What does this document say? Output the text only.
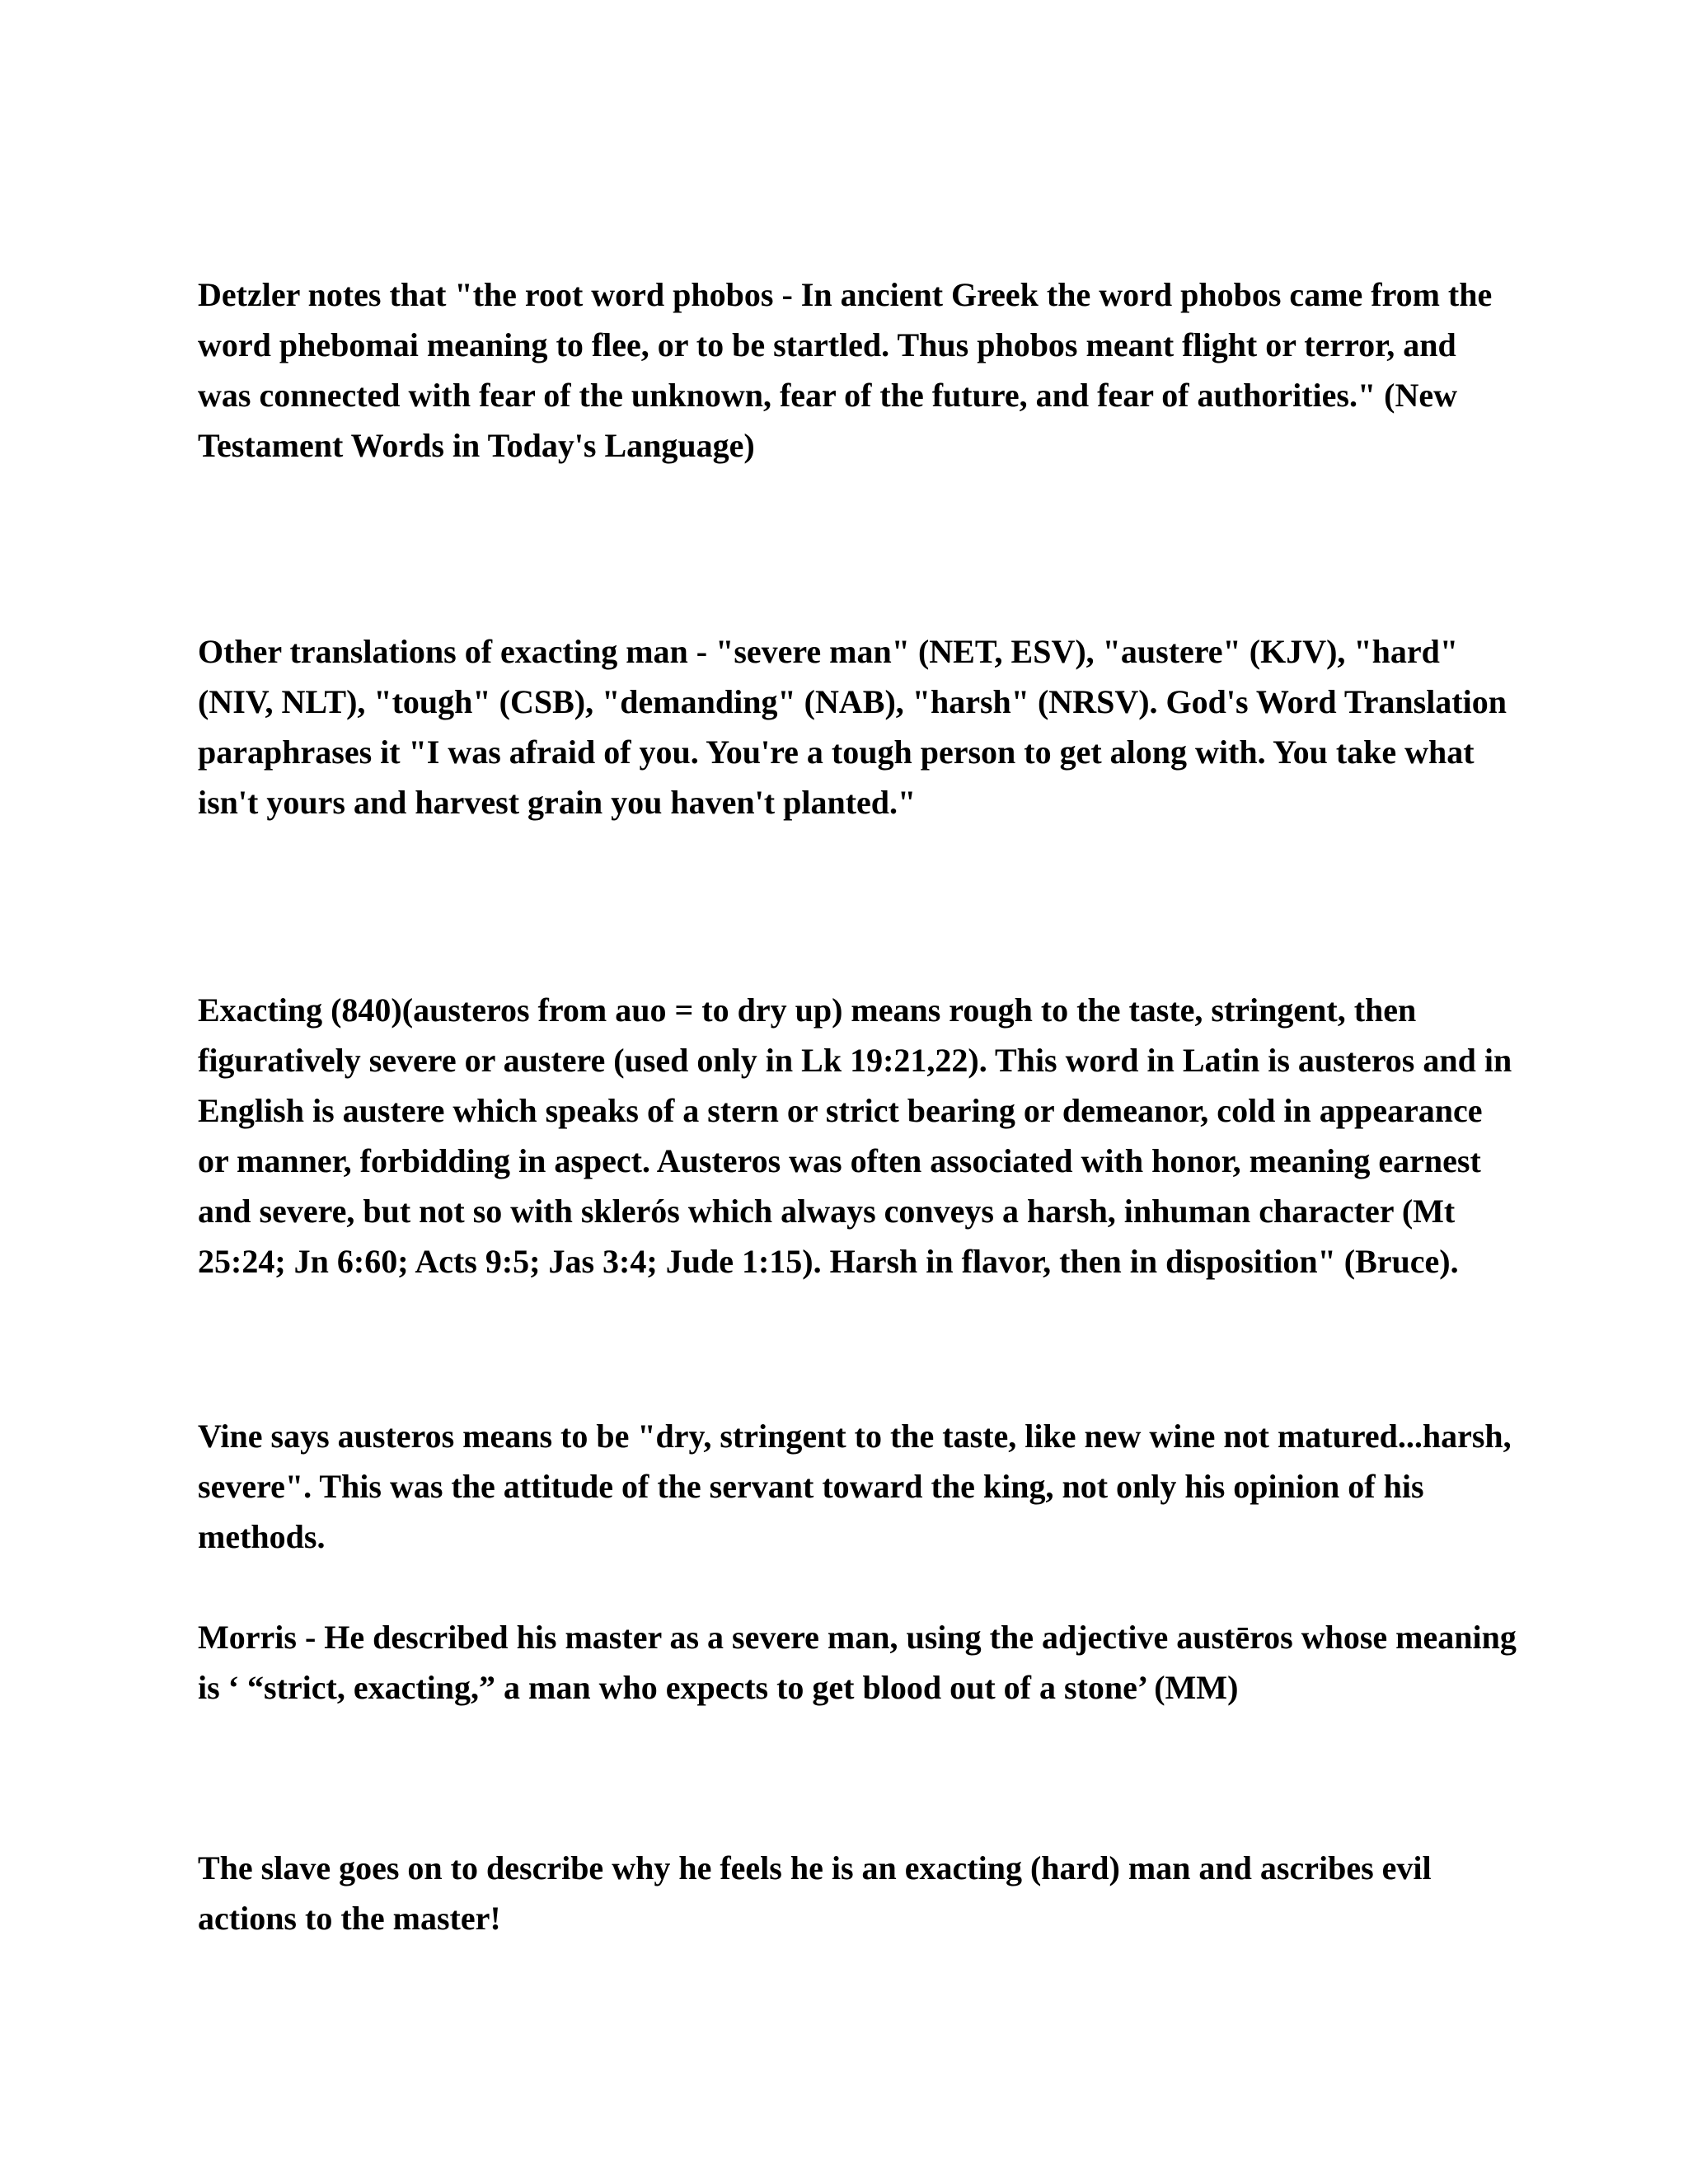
Detzler notes that "the root word phobos - In ancient Greek the word phobos came from the word phebomai meaning to flee, or to be startled. Thus phobos meant flight or terror, and was connected with fear of the unknown, fear of the future, and fear of authorities." (New Testament Words in Today's Language)

Other translations of exacting man - "severe man" (NET, ESV), "austere" (KJV), "hard" (NIV, NLT), "tough" (CSB), "demanding" (NAB), "harsh" (NRSV). God's Word Translation paraphrases it "I was afraid of you. You're a tough person to get along with. You take what isn't yours and harvest grain you haven't planted."

Exacting (840)(austeros from auo = to dry up) means rough to the taste, stringent, then figuratively severe or austere (used only in Lk 19:21,22). This word in Latin is austeros and in English is austere which speaks of a stern or strict bearing or demeanor, cold in appearance or manner, forbidding in aspect. Austeros was often associated with honor, meaning earnest and severe, but not so with sklerós which always conveys a harsh, inhuman character (Mt 25:24; Jn 6:60; Acts 9:5; Jas 3:4; Jude 1:15). Harsh in flavor, then in disposition" (Bruce).

Vine says austeros means to be "dry, stringent to the taste, like new wine not matured...harsh, severe". This was the attitude of the servant toward the king, not only his opinion of his methods.

Morris - He described his master as a severe man, using the adjective austēros whose meaning is ‘ “strict, exacting,” a man who expects to get blood out of a stone’ (MM)

The slave goes on to describe why he feels he is an exacting (hard) man and ascribes evil actions to the master!
